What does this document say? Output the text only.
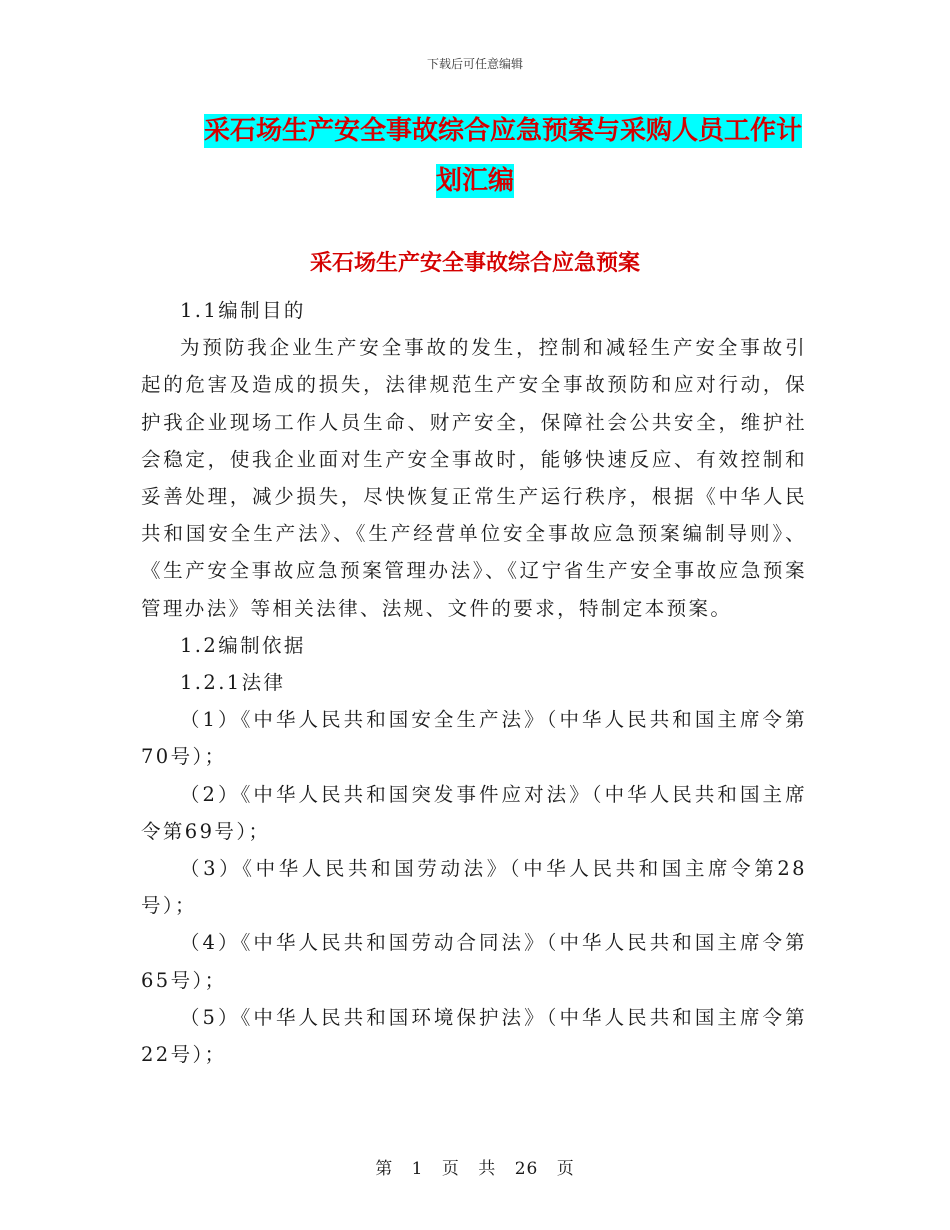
下载后可任意编辑
采石场生产安全事故综合应急预案与采购人员工作计
划汇编
采石场生产安全事故综合应急预案

1.1编制目的

为预防我企业生产安全事故的发生，控制和减轻生产安全事故引起的危害及造成的损失，法律规范生产安全事故预防和应对行动，保护我企业现场工作人员生命、财产安全，保障社会公共安全，维护社会稳定，使我企业面对生产安全事故时，能够快速反应、有效控制和妥善处理，减少损失，尽快恢复正常生产运行秩序，根据《中华人民共和国安全生产法》、《生产经营单位安全事故应急预案编制导则》、《生产安全事故应急预案管理办法》、《辽宁省生产安全事故应急预案管理办法》等相关法律、法规、文件的要求，特制定本预案。

1.2编制依据

1.2.1法律

（1）《中华人民共和国安全生产法》（中华人民共和国主席令第70号）；

（2）《中华人民共和国突发事件应对法》（中华人民共和国主席令第69号）；

（3）《中华人民共和国劳动法》（中华人民共和国主席令第28号）；

（4）《中华人民共和国劳动合同法》（中华人民共和国主席令第65号）；

（5）《中华人民共和国环境保护法》（中华人民共和国主席令第22号）；

第 1 页 共 26 页
